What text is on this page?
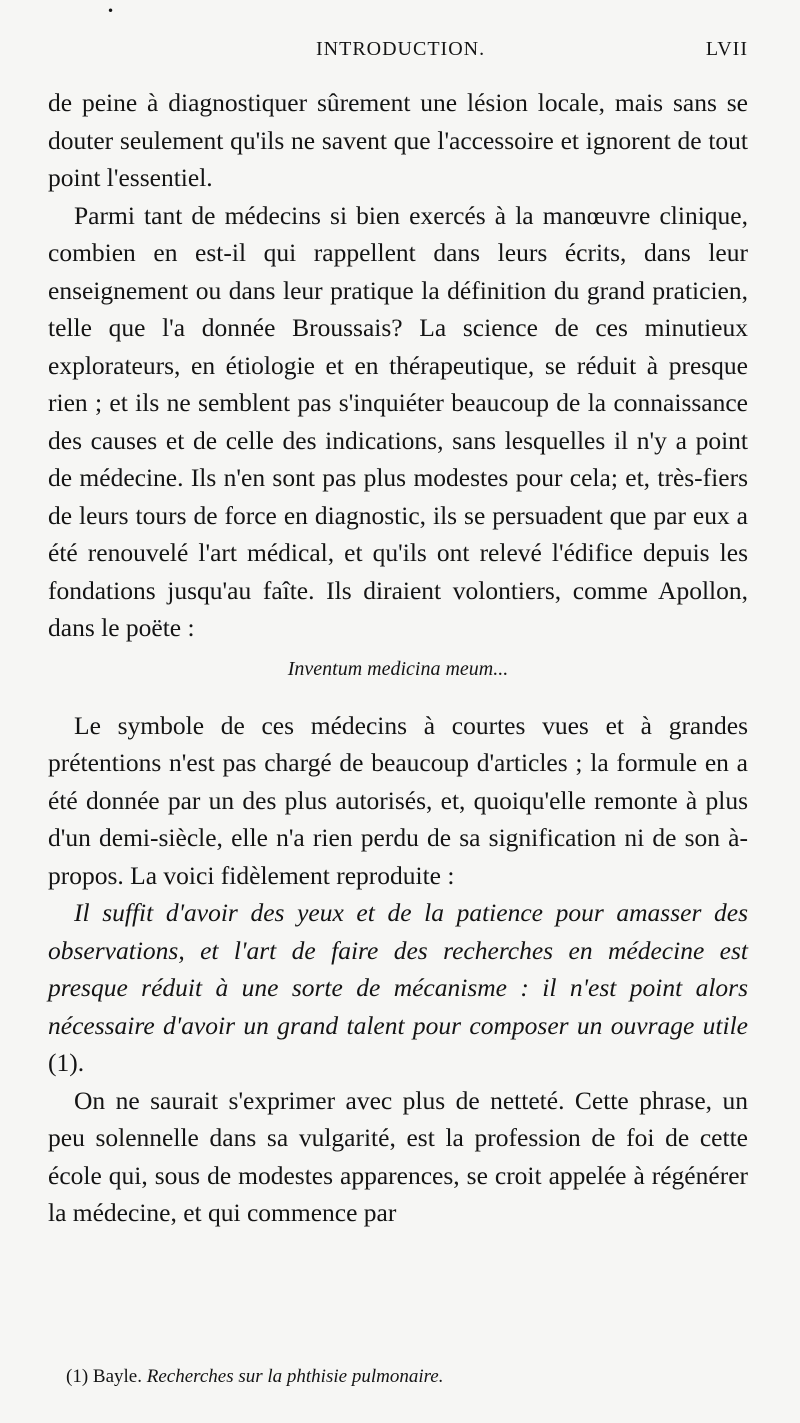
•
INTRODUCTION.	LVII

de peine à diagnostiquer sûrement une lésion locale, mais sans se douter seulement qu'ils ne savent que l'accessoire et ignorent de tout point l'essentiel.

Parmi tant de médecins si bien exercés à la manœuvre clinique, combien en est-il qui rappellent dans leurs écrits, dans leur enseignement ou dans leur pratique la définition du grand praticien, telle que l'a donnée Broussais? La science de ces minutieux explorateurs, en étiologie et en thérapeutique, se réduit à presque rien ; et ils ne semblent pas s'inquiéter beaucoup de la connaissance des causes et de celle des indications, sans lesquelles il n'y a point de médecine. Ils n'en sont pas plus modestes pour cela; et, très-fiers de leurs tours de force en diagnostic, ils se persuadent que par eux a été renouvelé l'art médical, et qu'ils ont relevé l'édifice depuis les fondations jusqu'au faîte. Ils diraient volontiers, comme Apollon, dans le poëte :

Inventum medicina meum...

Le symbole de ces médecins à courtes vues et à grandes prétentions n'est pas chargé de beaucoup d'articles ; la formule en a été donnée par un des plus autorisés, et, quoiqu'elle remonte à plus d'un demi-siècle, elle n'a rien perdu de sa signification ni de son à-propos. La voici fidèlement reproduite :

Il suffit d'avoir des yeux et de la patience pour amasser des observations, et l'art de faire des recherches en médecine est presque réduit à une sorte de mécanisme : il n'est point alors nécessaire d'avoir un grand talent pour composer un ouvrage utile (1).

On ne saurait s'exprimer avec plus de netteté. Cette phrase, un peu solennelle dans sa vulgarité, est la profession de foi de cette école qui, sous de modestes apparences, se croit appelée à régénérer la médecine, et qui commence par

(1) Bayle. Recherches sur la phthisie pulmonaire.
